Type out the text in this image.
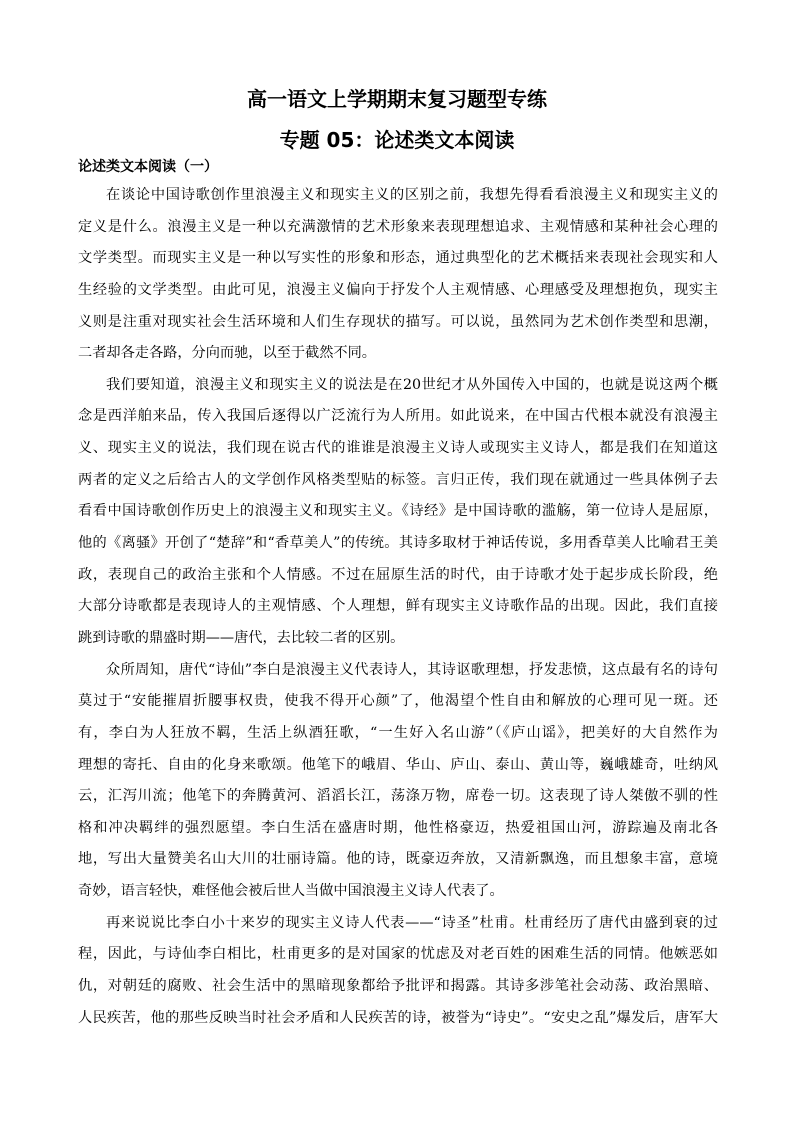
高一语文上学期期末复习题型专练
专题 05：论述类文本阅读
论述类文本阅读（一）
在谈论中国诗歌创作里浪漫主义和现实主义的区别之前，我想先得看看浪漫主义和现实主义的
定义是什么。浪漫主义是一种以充满激情的艺术形象来表现理想追求、主观情感和某种社会心理的
文学类型。而现实主义是一种以写实性的形象和形态，通过典型化的艺术概括来表现社会现实和人
生经验的文学类型。由此可见，浪漫主义偏向于抒发个人主观情感、心理感受及理想抱负，现实主
义则是注重对现实社会生活环境和人们生存现状的描写。可以说，虽然同为艺术创作类型和思潮，
二者却各走各路，分向而驰，以至于截然不同。
我们要知道，浪漫主义和现实主义的说法是在20世纪才从外国传入中国的，也就是说这两个概
念是西洋舶来品，传入我国后逐得以广泛流行为人所用。如此说来，在中国古代根本就没有浪漫主
义、现实主义的说法，我们现在说古代的谁谁是浪漫主义诗人或现实主义诗人，都是我们在知道这
两者的定义之后给古人的文学创作风格类型贴的标签。言归正传，我们现在就通过一些具体例子去
看看中国诗歌创作历史上的浪漫主义和现实主义。《诗经》是中国诗歌的滥觞，第一位诗人是屈原，
他的《离骚》开创了“楚辞”和“香草美人”的传统。其诗多取材于神话传说，多用香草美人比喻君王美
政，表现自己的政治主张和个人情感。不过在屈原生活的时代，由于诗歌才处于起步成长阶段，绝
大部分诗歌都是表现诗人的主观情感、个人理想，鲜有现实主义诗歌作品的出现。因此，我们直接
跳到诗歌的鼎盛时期——唐代，去比较二者的区别。
众所周知，唐代“诗仙”李白是浪漫主义代表诗人，其诗讴歌理想，抒发悲愤，这点最有名的诗句
莫过于“安能摧眉折腰事权贵，使我不得开心颜”了，他渴望个性自由和解放的心理可见一斑。还
有，李白为人狂放不羁，生活上纵酒狂歌，“一生好入名山游”（《庐山谣》，把美好的大自然作为
理想的寄托、自由的化身来歌颂。他笔下的峨眉、华山、庐山、泰山、黄山等，巍峨雄奇，吐纳风
云，汇泻川流；他笔下的奔腾黄河、滔滔长江，荡涤万物，席卷一切。这表现了诗人桀傲不驯的性
格和冲决羁绊的强烈愿望。李白生活在盛唐时期，他性格豪迈，热爱祖国山河，游踪遍及南北各
地，写出大量赞美名山大川的壮丽诗篇。他的诗，既豪迈奔放，又清新飘逸，而且想象丰富，意境
奇妙，语言轻快，难怪他会被后世人当做中国浪漫主义诗人代表了。
再来说说比李白小十来岁的现实主义诗人代表——“诗圣”杜甫。杜甫经历了唐代由盛到衰的过
程，因此，与诗仙李白相比，杜甫更多的是对国家的忧虑及对老百姓的困难生活的同情。他嫉恶如
仇，对朝廷的腐败、社会生活中的黑暗现象都给予批评和揭露。其诗多涉笔社会动荡、政治黑暗、
人民疾苦，他的那些反映当时社会矛盾和人民疾苦的诗，被誉为“诗史”。“安史之乱”爆发后，唐军大
